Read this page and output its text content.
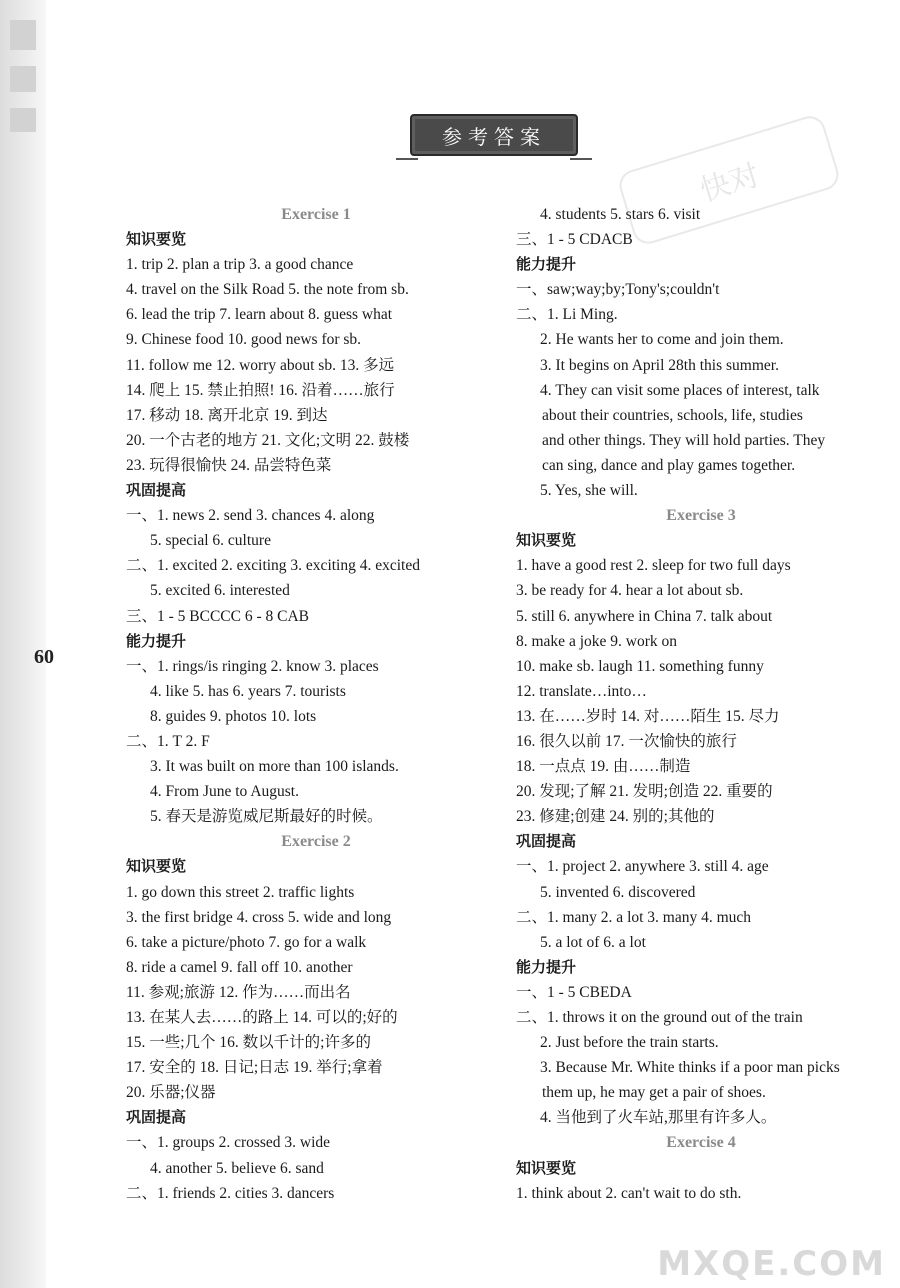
60
参考答案
快对
Exercise 1
知识要览
1. trip 2. plan a trip 3. a good chance
4. travel on the Silk Road 5. the note from sb.
6. lead the trip 7. learn about 8. guess what
9. Chinese food 10. good news for sb.
11. follow me 12. worry about sb. 13. 多远
14. 爬上 15. 禁止拍照! 16. 沿着……旅行
17. 移动 18. 离开北京 19. 到达
20. 一个古老的地方 21. 文化;文明 22. 鼓楼
23. 玩得很愉快 24. 品尝特色菜
巩固提高
一、1. news 2. send 3. chances 4. along
5. special 6. culture
二、1. excited 2. exciting 3. exciting 4. excited
5. excited 6. interested
三、1 - 5 BCCCC 6 - 8 CAB
能力提升
一、1. rings/is ringing 2. know 3. places
4. like 5. has 6. years 7. tourists
8. guides 9. photos 10. lots
二、1. T 2. F
3. It was built on more than 100 islands.
4. From June to August.
5. 春天是游览威尼斯最好的时候。
Exercise 2
知识要览
1. go down this street 2. traffic lights
3. the first bridge 4. cross 5. wide and long
6. take a picture/photo 7. go for a walk
8. ride a camel 9. fall off 10. another
11. 参观;旅游 12. 作为……而出名
13. 在某人去……的路上 14. 可以的;好的
15. 一些;几个 16. 数以千计的;许多的
17. 安全的 18. 日记;日志 19. 举行;拿着
20. 乐器;仪器
巩固提高
一、1. groups 2. crossed 3. wide
4. another 5. believe 6. sand
二、1. friends 2. cities 3. dancers
4. students 5. stars 6. visit
三、1 - 5 CDACB
能力提升
一、saw;way;by;Tony's;couldn't
二、1. Li Ming.
2. He wants her to come and join them.
3. It begins on April 28th this summer.
4. They can visit some places of interest, talk
about their countries, schools, life, studies
and other things. They will hold parties. They
can sing, dance and play games together.
5. Yes, she will.
Exercise 3
知识要览
1. have a good rest 2. sleep for two full days
3. be ready for 4. hear a lot about sb.
5. still 6. anywhere in China 7. talk about
8. make a joke 9. work on
10. make sb. laugh 11. something funny
12. translate…into…
13. 在……岁时 14. 对……陌生 15. 尽力
16. 很久以前 17. 一次愉快的旅行
18. 一点点 19. 由……制造
20. 发现;了解 21. 发明;创造 22. 重要的
23. 修建;创建 24. 别的;其他的
巩固提高
一、1. project 2. anywhere 3. still 4. age
5. invented 6. discovered
二、1. many 2. a lot 3. many 4. much
5. a lot of 6. a lot
能力提升
一、1 - 5 CBEDA
二、1. throws it on the ground out of the train
2. Just before the train starts.
3. Because Mr. White thinks if a poor man picks
them up, he may get a pair of shoes.
4. 当他到了火车站,那里有许多人。
Exercise 4
知识要览
1. think about 2. can't wait to do sth.
MXQE.COM
